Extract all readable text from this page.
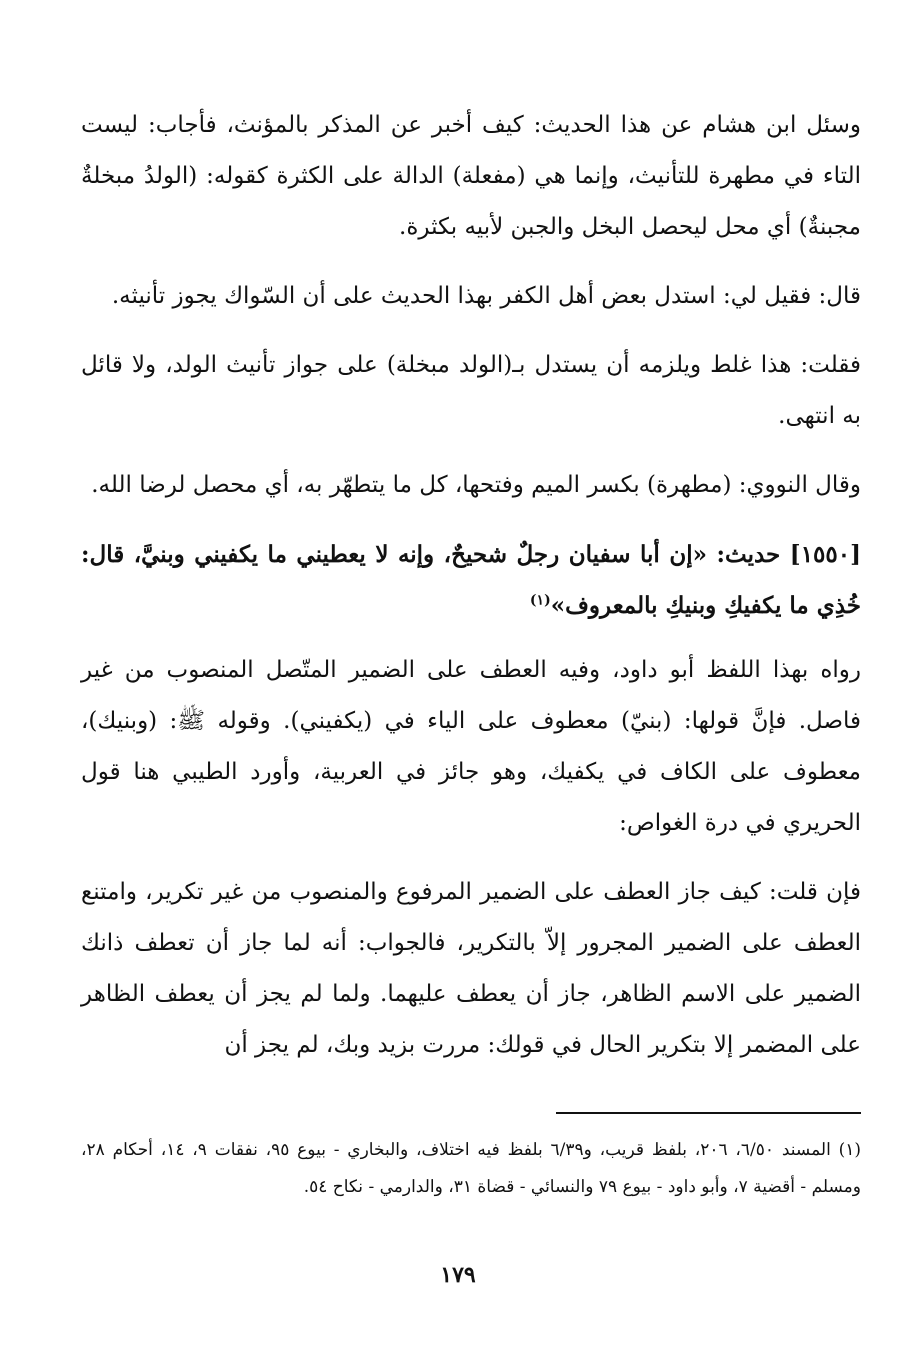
وسئل ابن هشام عن هذا الحديث: كيف أخبر عن المذكر بالمؤنث، فأجاب: ليست التاء في مطهرة للتأنيث، وإنما هي (مفعلة) الدالة على الكثرة كقوله: (الولدُ مبخلةٌ مجبنةٌ) أي محل ليحصل البخل والجبن لأبيه بكثرة.

قال: فقيل لي: استدل بعض أهل الكفر بهذا الحديث على أن السّواك يجوز تأنيثه.

فقلت: هذا غلط ويلزمه أن يستدل بـ(الولد مبخلة) على جواز تأنيث الولد، ولا قائل به انتهى.

وقال النووي: (مطهرة) بكسر الميم وفتحها، كل ما يتطهّر به، أي محصل لرضا الله.

[١٥٥٠] حديث: «إن أبا سفيان رجلٌ شحيحٌ، وإنه لا يعطيني ما يكفيني وبنيَّ، قال: خُذِي ما يكفيكِ وبنيكِ بالمعروف»$^{(١)}$

رواه بهذا اللفظ أبو داود، وفيه العطف على الضمير المتّصل المنصوب من غير فاصل. فإنَّ قولها: (بنيّ) معطوف على الياء في (يكفيني). وقوله ﷺ: (وبنيك)، معطوف على الكاف في يكفيك، وهو جائز في العربية، وأورد الطيبي هنا قول الحريري في درة الغواص:

فإن قلت: كيف جاز العطف على الضمير المرفوع والمنصوب من غير تكرير، وامتنع العطف على الضمير المجرور إلاّ بالتكرير، فالجواب: أنه لما جاز أن تعطف ذانك الضمير على الاسم الظاهر، جاز أن يعطف عليهما. ولما لم يجز أن يعطف الظاهر على المضمر إلا بتكرير الحال في قولك: مررت بزيد وبك، لم يجز أن

(١) المسند ٦/٥٠، ٢٠٦، بلفظ قريب، و٦/٣٩ بلفظ فيه اختلاف، والبخاري - بيوع ٩٥، نفقات ٩، ١٤، أحكام ٢٨، ومسلم - أقضية ٧، وأبو داود - بيوع ٧٩ والنسائي - قضاة ٣١، والدارمي - نكاح ٥٤.
١٧٩
